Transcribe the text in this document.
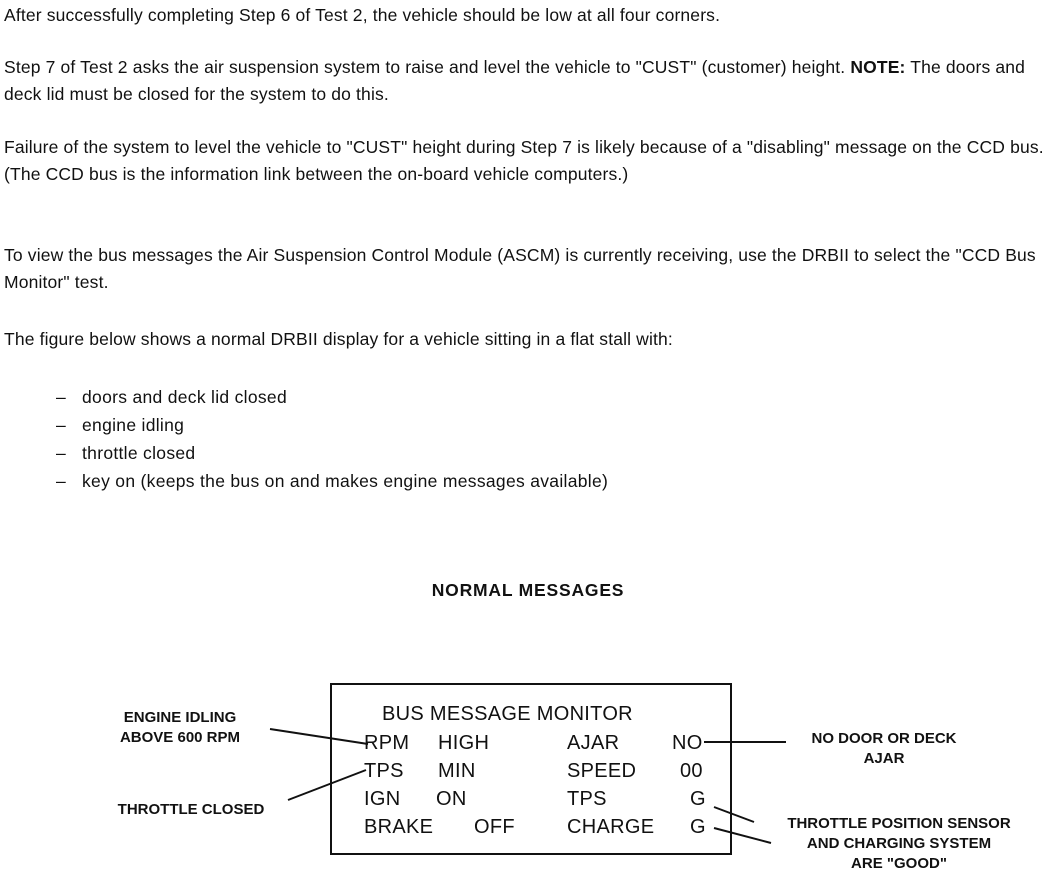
After successfully completing Step 6 of Test 2, the vehicle should be low at all four corners.

Step 7 of Test 2 asks the air suspension system to raise and level the vehicle to "CUST" (customer) height. NOTE: The doors and deck lid must be closed for the system to do this.

Failure of the system to level the vehicle to "CUST" height during Step 7 is likely because of a "disabling" message on the CCD bus. (The CCD bus is the information link between the on-board vehicle computers.)

To view the bus messages the Air Suspension Control Module (ASCM) is currently receiving, use the DRBII to select the "CCD Bus Monitor" test.

The figure below shows a normal DRBII display for a vehicle sitting in a flat stall with:

– doors and deck lid closed

– engine idling

– throttle closed

– key on (keeps the bus on and makes engine messages available)

NORMAL MESSAGES
BUS MESSAGE MONITOR
RPM HIGH	AJAR	NO
TPS MIN	SPEED 00
IGN ON	TPS	G
BRAKE OFF	CHARGE G
ENGINE IDLING
ABOVE 600 RPM
THROTTLE CLOSED
NO DOOR OR DECK
AJAR
THROTTLE POSITION SENSOR
AND CHARGING SYSTEM
ARE "GOOD"
